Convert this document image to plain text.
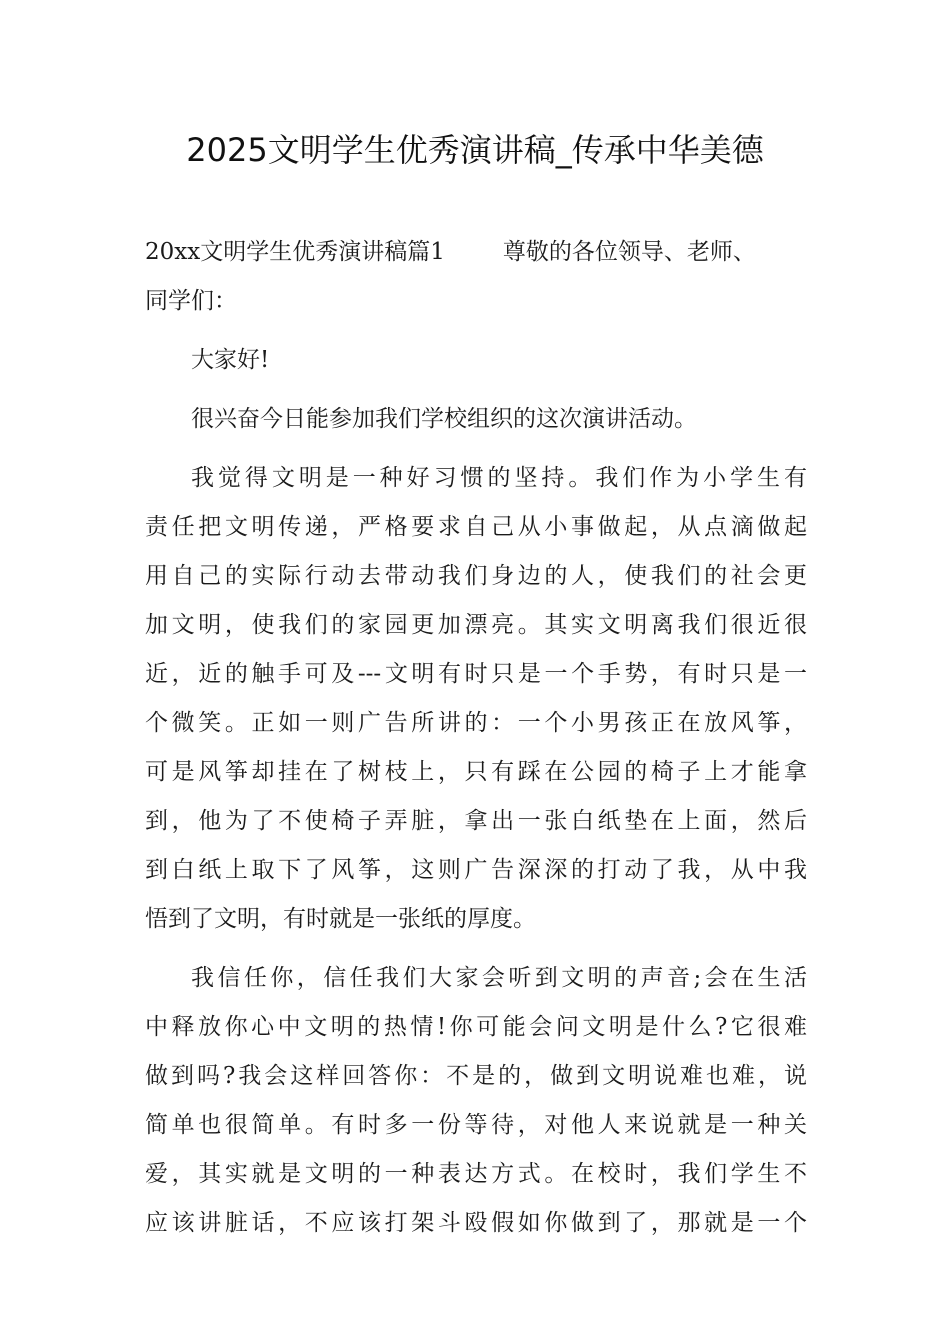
2025文明学生优秀演讲稿_传承中华美德

20xx文明学生优秀演讲稿篇1	尊敬的各位领导、老师、
同学们：

大家好!

很兴奋今日能参加我们学校组织的这次演讲活动。

我觉得文明是一种好习惯的坚持。我们作为小学生有
责任把文明传递，严格要求自己从小事做起，从点滴做起
用自己的实际行动去带动我们身边的人，使我们的社会更
加文明，使我们的家园更加漂亮。其实文明离我们很近很
近，近的触手可及---文明有时只是一个手势，有时只是一
个微笑。正如一则广告所讲的：一个小男孩正在放风筝，
可是风筝却挂在了树枝上，只有踩在公园的椅子上才能拿
到，他为了不使椅子弄脏，拿出一张白纸垫在上面，然后
到白纸上取下了风筝，这则广告深深的打动了我，从中我
悟到了文明，有时就是一张纸的厚度。

我信任你，信任我们大家会听到文明的声音;会在生活
中释放你心中文明的热情!你可能会问文明是什么?它很难
做到吗?我会这样回答你：不是的，做到文明说难也难，说
简单也很简单。有时多一份等待，对他人来说就是一种关
爱，其实就是文明的一种表达方式。在校时，我们学生不
应该讲脏话，不应该打架斗殴假如你做到了，那就是一个
